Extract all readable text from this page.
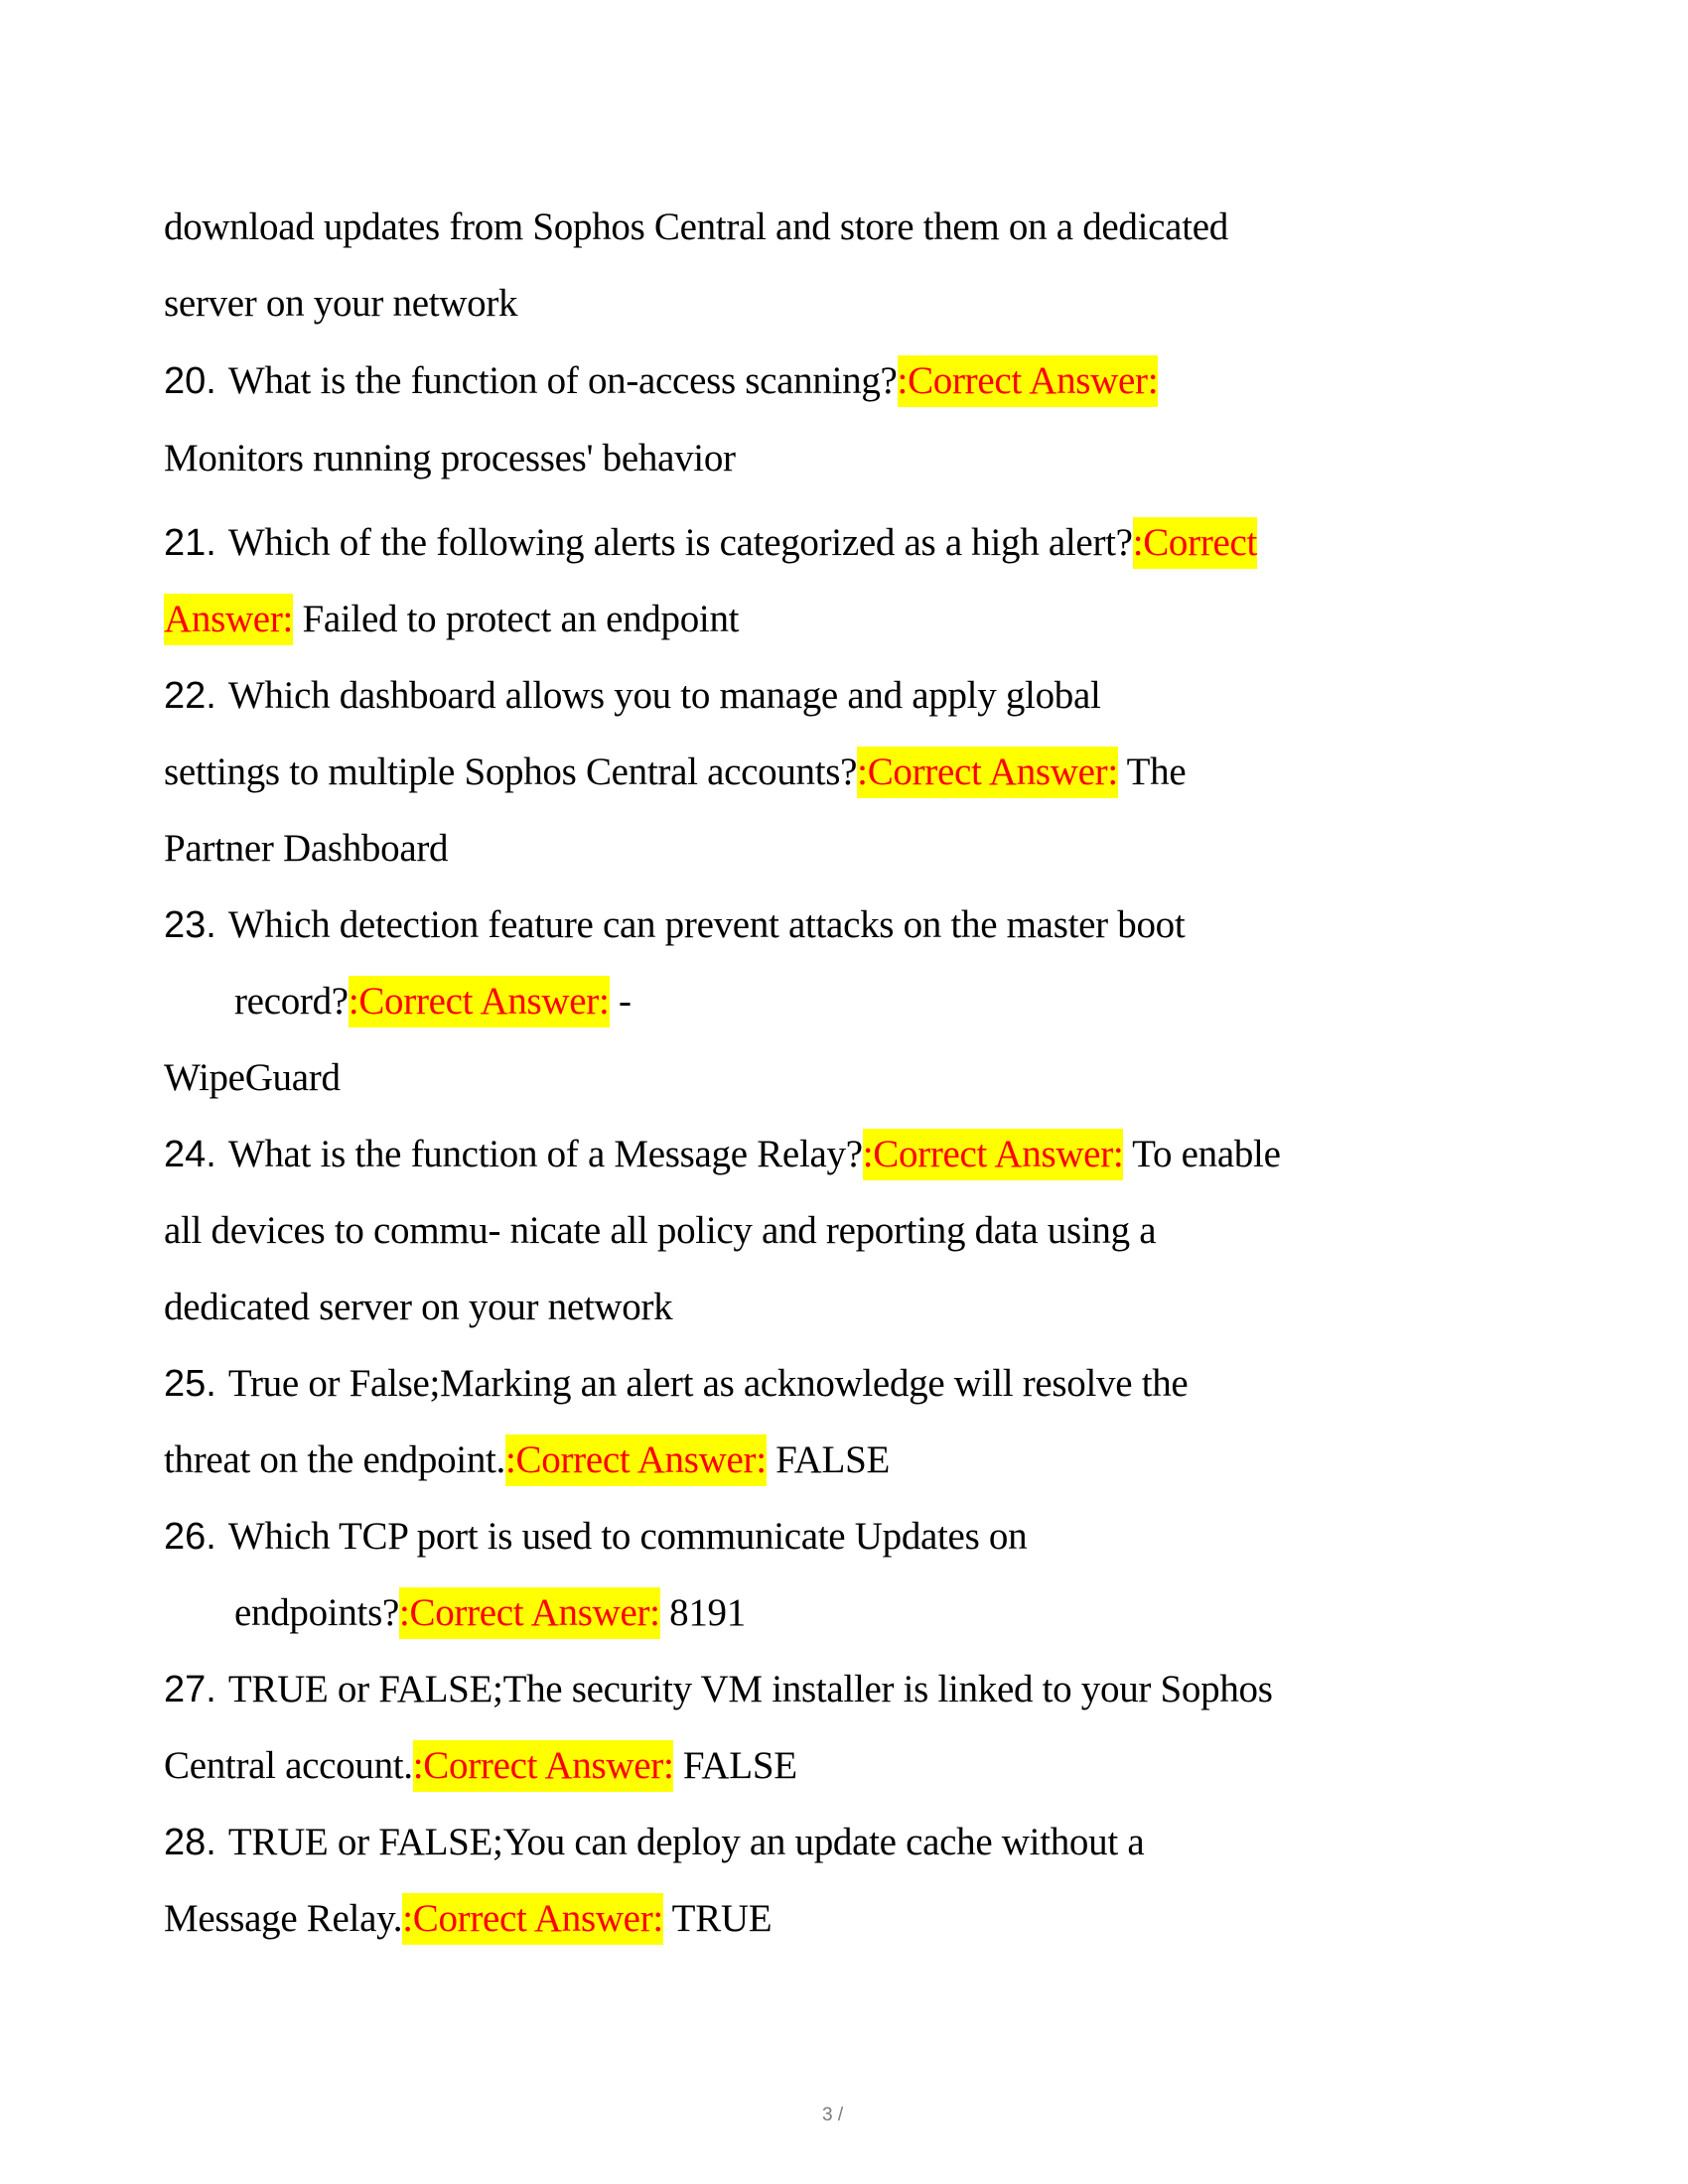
download updates from Sophos Central and store them on a dedicated
server on your network
20. What is the function of on-access scanning?:Correct Answer:
Monitors running processes' behavior
21. Which of the following alerts is categorized as a high alert?:Correct
Answer: Failed to protect an endpoint
22. Which dashboard allows you to manage and apply global
settings to multiple Sophos Central accounts?:Correct Answer: The
Partner Dashboard
23. Which detection feature can prevent attacks on the master boot
record?:Correct Answer: -
WipeGuard
24. What is the function of a Message Relay?:Correct Answer: To enable
all devices to commu- nicate all policy and reporting data using a
dedicated server on your network
25. True or False;Marking an alert as acknowledge will resolve the
threat on the endpoint.:Correct Answer: FALSE
26. Which TCP port is used to communicate Updates on
endpoints?:Correct Answer: 8191
27. TRUE or FALSE;The security VM installer is linked to your Sophos
Central account.:Correct Answer: FALSE
28. TRUE or FALSE;You can deploy an update cache without a
Message Relay.:Correct Answer: TRUE
3 /
